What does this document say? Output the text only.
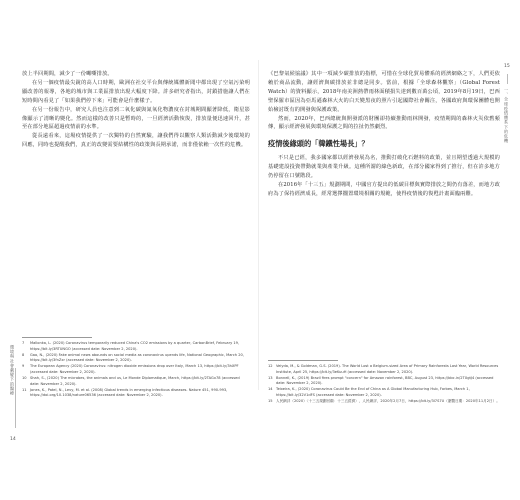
放上半回期間，減少了一份囉嘶排放。

在另一個疫情最尖銳的高人口時期，歐洲在社交平台與傳統媒體新聞中都出現了空氣污染明顯改善的報導，各地的城市與工業區排放出現大幅度下降。許多研究者指出，封鎖措施讓人們在短時間內看見了「如果我們停下來」可能會是什麼樣子。

在另一份報告中，研究人員也注意到二氧化碳與氮氧化物濃度在封城期間顯著降低，衛星影像顯示了清晰的變化。然而這樣的改善只是暫時的，一旦經濟活動恢復，排放量便迅速回升，甚至在部分地區超過疫情前的水準。

從長遠看來，這場疫情提供了一次獨特的自然實驗，讓我們得以觀察人類活動減少後環境的回應，同時也提醒我們，真正的改變需要結構性的政策與長期承諾，而非僅依賴一次性的危機。

7	Mallonka, L. (2020) Coronavirus temporarily reduced China's CO2 emissions by a quarter, CarbonBrief, February 19, https://bit.ly/3RTUNGO (accessed date: November 2, 2020).
8	Gao, N., (2020) Fake animal news abounds on social media as coronavirus upends life, National Geographic, March 20, https://bit.ly/3fnZxr (accessed date: November 2, 2020).
9	The European Agency (2020) Coronavirus: nitrogen dioxide emissions drop over Italy, March 13, https://bit.ly/3hXPF (accessed date: November 2, 2020).
10 Shah, S., (2020) The microbes, the animals and us, Le Monde Diplomatique, March, https://bit.ly/2TAGx78 (accessed date: November 2, 2020).
11 Jones, K., Patel, N., Levy, M. et al. (2008) Global trends in emerging infectious diseases. Nature 451, 990-993, https://doi.org/10.1038/nature06536 (accessed date: November 2, 2020).
環境與社會劇變下的醫療
14

《巴黎氣候協議》其中一項減少碳排放的指標，可惜在全球化貿易體系的經濟網絡之下，人們更依賴於商品流動，讓經濟與碳排放並非總是同步。當前，根據「全球森林觀察」（Global Forest Watch）的資料顯示，2018年南美洲熱帶雨林面積損失達到數百萬公頃，2019年8月19日，巴西聖保羅市區因為亞馬遜森林大火的白天變黑夜的照片引起國際社會關注，各國政府與環保團體也開始檢討既有的開發與保護政策。

然而，2020年，巴西總統與開發派的財團卻持續推動雨林開發，疫情期間的森林火災依舊頻傳，顯示經濟發展與環境保護之間的拉扯仍然劇烈。

疫情後緣頭的「韓鐵性場長」？

不只是已經，我多國家都以經濟發展為名，推動打破化石燃料的政策，並且期望透過大規模的基礎建設投資帶動就業與產業升級。這種所謂的綠色新政，在部分國家得到了推行，但在許多地方仍停留在口號階段。

在2016年「十三五」規劃期間，中國官方提出的低碳目標與實際排放之間仍有落差，而地方政府為了保持經濟成長，經常選擇擱置環境相關的規範，使得疫情後的復甦計畫面臨兩難。

12 Veiyda, M., & Goldman, G.S. (2019). The World Lost a Belgium-sized Area of Primary Rainforests Last Year, World Resources Institute, April 25, https://bit.ly/3eKuuH (accessed date: November 2, 2020).
13 Bonnell, K., (2019) Brazil fires prompt "concern" for Amazon rainforest, BBC, August 23, https://bbc.in/2TXgtJ4 (accessed date: November 2, 2020).
14 Teixeira, K., (2020) Coronavirus Could Be the End of China as A Global Manufacturing Hub, Forbes, March 1, https://bit.ly/32V1dFS (accessed date: November 2, 2020).
15 人民網評（2020）〈十三五規劃回顧：十三五經濟〉，人民網評，2020年2月7日，https://bit.ly/3l7S7U（瀏覽日期：2020年11月2日）。
15
一、全球疫情體系下的危機
